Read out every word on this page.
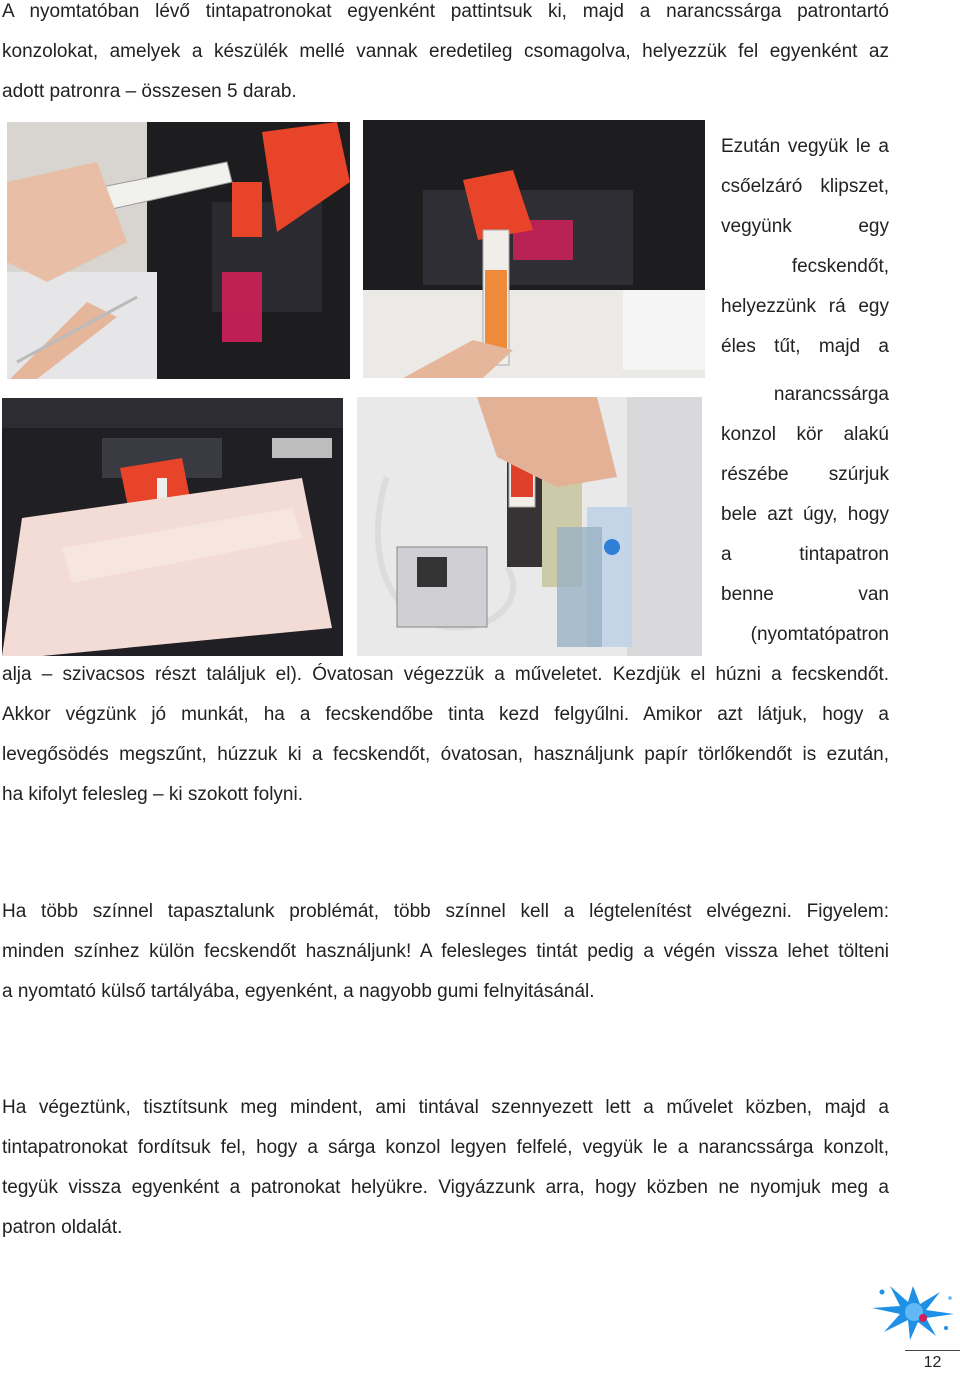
A nyomtatóban lévő tintapatronokat egyenként pattintsuk ki, majd a narancssárga patrontartó
konzolokat, amelyek a készülék mellé vannak eredetileg csomagolva, helyezzük fel egyenként az
adott patronra – összesen 5 darab.
Ezután vegyük le a
csőelzáró klipszet,
vegyünk egy
fecskendőt,
helyezzünk rá egy
éles tűt, majd a
narancssárga
konzol kör alakú
részébe szúrjuk
bele azt úgy, hogy
a tintapatron
benne van
(nyomtatópatron
alja – szivacsos részt találjuk el). Óvatosan végezzük a műveletet. Kezdjük el húzni a fecskendőt.
Akkor végzünk jó munkát, ha a fecskendőbe tinta kezd felgyűlni. Amikor azt látjuk, hogy a
levegősödés megszűnt, húzzuk ki a fecskendőt, óvatosan, használjunk papír törlőkendőt is ezután,
ha kifolyt felesleg – ki szokott folyni.
Ha több színnel tapasztalunk problémát, több színnel kell a légtelenítést elvégezni. Figyelem:
minden színhez külön fecskendőt használjunk! A felesleges tintát pedig a végén vissza lehet tölteni
a nyomtató külső tartályába, egyenként, a nagyobb gumi felnyitásánál.
Ha végeztünk, tisztítsunk meg mindent, ami tintával szennyezett lett a művelet közben, majd a
tintapatronokat fordítsuk fel, hogy a sárga konzol legyen felfelé, vegyük le a narancssárga konzolt,
tegyük vissza egyenként a patronokat helyükre. Vigyázzunk arra, hogy közben ne nyomjuk meg a
patron oldalát.
12
